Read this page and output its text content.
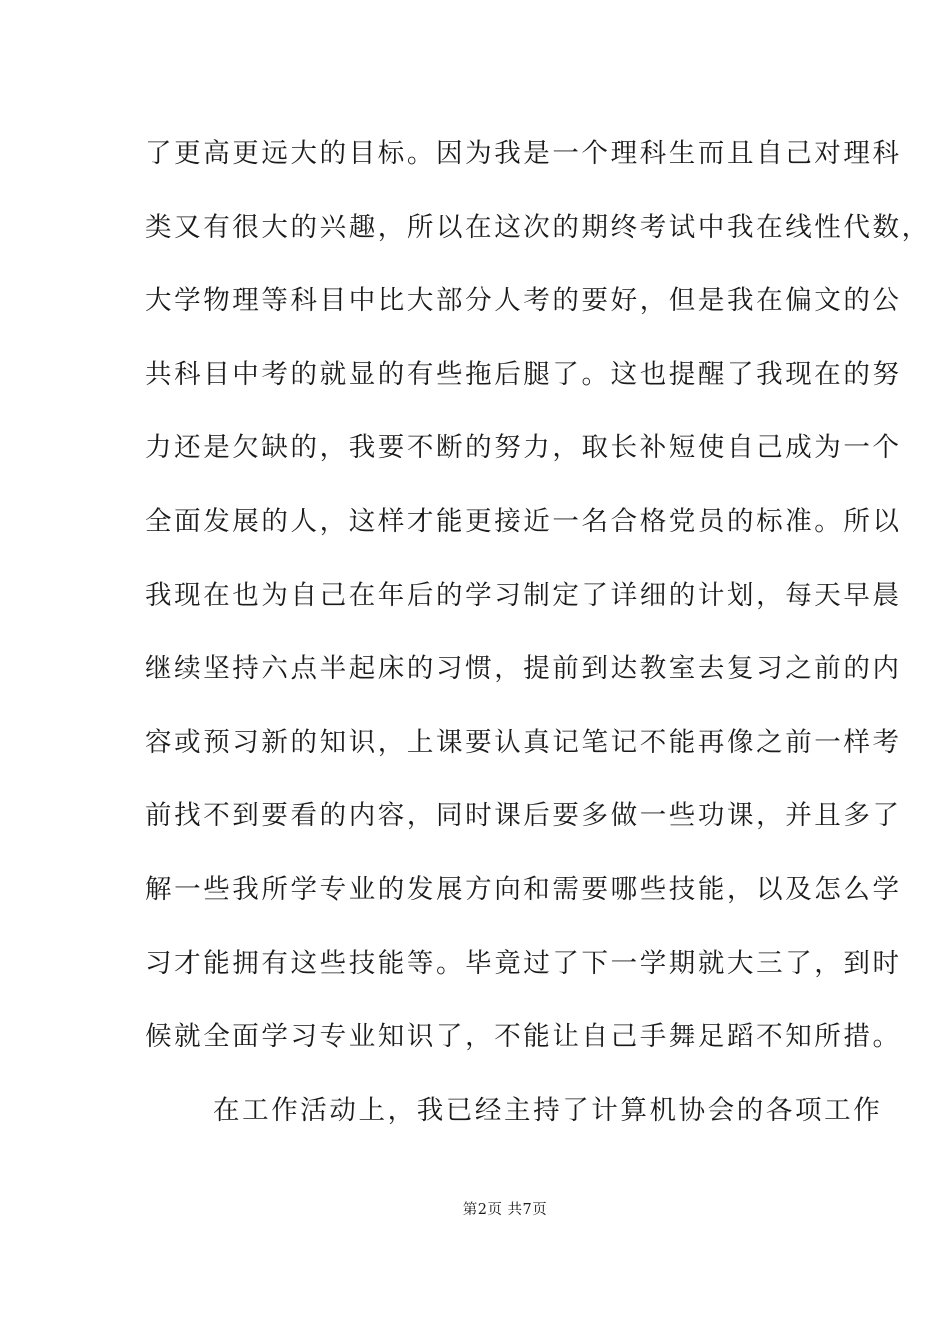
了更高更远大的目标。因为我是一个理科生而且自己对理科
类又有很大的兴趣，所以在这次的期终考试中我在线性代数，
大学物理等科目中比大部分人考的要好，但是我在偏文的公
共科目中考的就显的有些拖后腿了。这也提醒了我现在的努
力还是欠缺的，我要不断的努力，取长补短使自己成为一个
全面发展的人，这样才能更接近一名合格党员的标准。所以
我现在也为自己在年后的学习制定了详细的计划，每天早晨
继续坚持六点半起床的习惯，提前到达教室去复习之前的内
容或预习新的知识，上课要认真记笔记不能再像之前一样考
前找不到要看的内容，同时课后要多做一些功课，并且多了
解一些我所学专业的发展方向和需要哪些技能，以及怎么学
习才能拥有这些技能等。毕竟过了下一学期就大三了，到时
候就全面学习专业知识了，不能让自己手舞足蹈不知所措。
在工作活动上，我已经主持了计算机协会的各项工作
第2页 共7页
